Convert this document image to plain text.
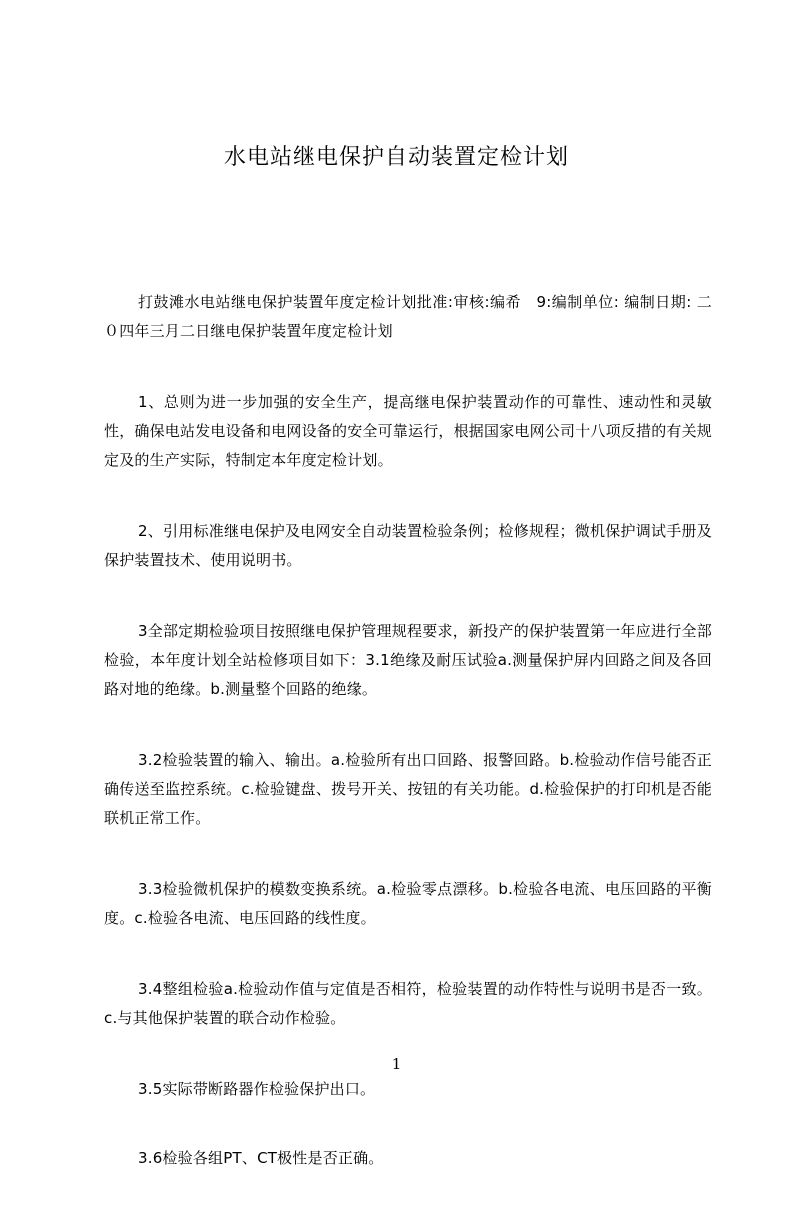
水电站继电保护自动装置定检计划

打鼓滩水电站继电保护装置年度定检计划批准:审核:编希　9:编制单位: 编制日期: 二０四年三月二日继电保护装置年度定检计划

1、总则为进一步加强的安全生产，提高继电保护装置动作的可靠性、速动性和灵敏性，确保电站发电设备和电网设备的安全可靠运行，根据国家电网公司十八项反措的有关规定及的生产实际，特制定本年度定检计划。

2、引用标准继电保护及电网安全自动装置检验条例；检修规程；微机保护调试手册及保护装置技术、使用说明书。

3全部定期检验项目按照继电保护管理规程要求，新投产的保护装置第一年应进行全部检验，本年度计划全站检修项目如下：3.1绝缘及耐压试验a.测量保护屏内回路之间及各回路对地的绝缘。b.测量整个回路的绝缘。

3.2检验装置的输入、输出。a.检验所有出口回路、报警回路。b.检验动作信号能否正确传送至监控系统。c.检验键盘、拨号开关、按钮的有关功能。d.检验保护的打印机是否能联机正常工作。

3.3检验微机保护的模数变换系统。a.检验零点漂移。b.检验各电流、电压回路的平衡度。c.检验各电流、电压回路的线性度。

3.4整组检验a.检验动作值与定值是否相符，检验装置的动作特性与说明书是否一致。c.与其他保护装置的联合动作检验。

3.5实际带断路器作检验保护出口。

3.6检验各组PT、CT极性是否正确。

1
